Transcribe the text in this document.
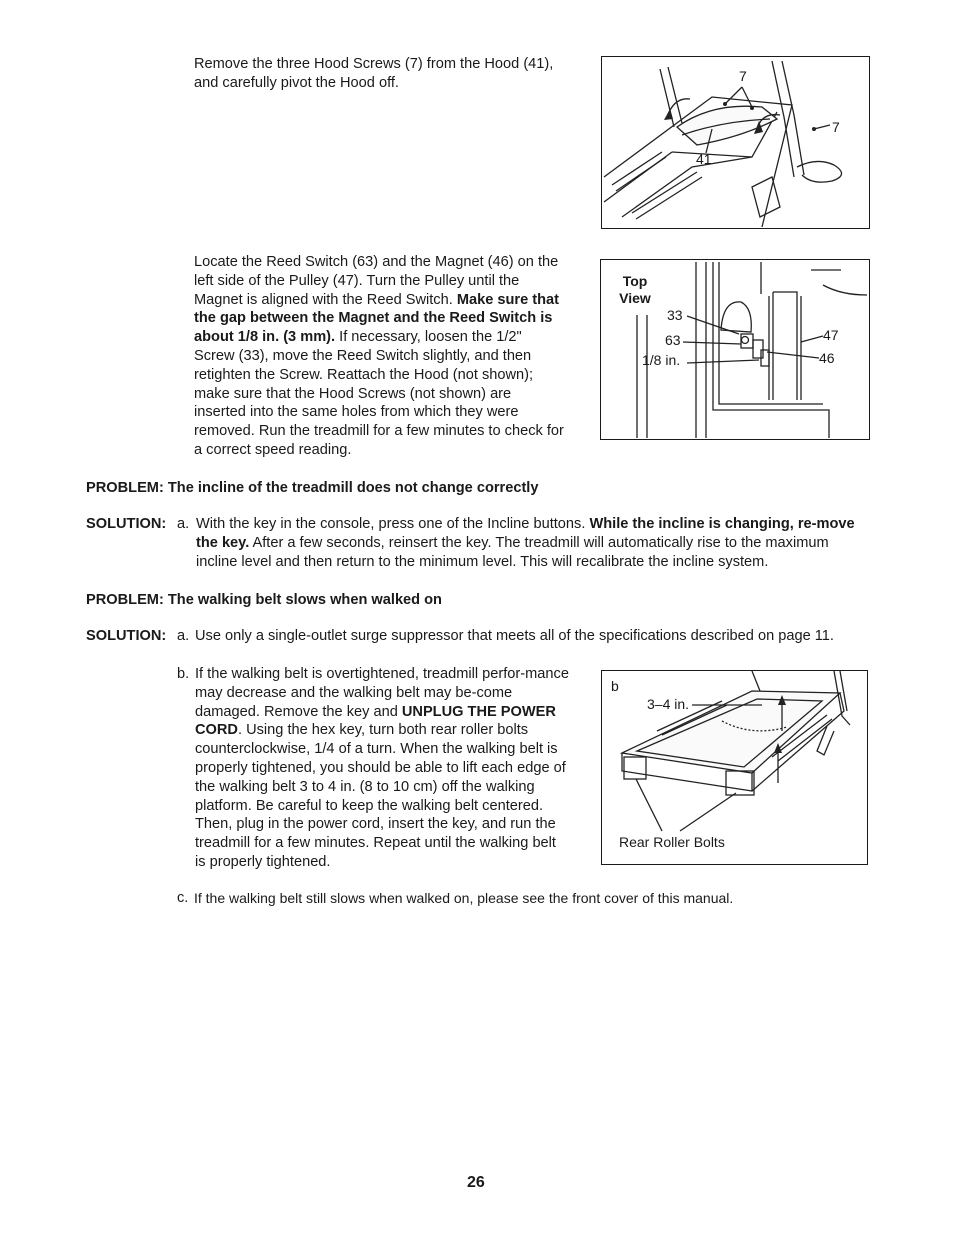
Remove the three Hood Screws (7) from the Hood (41), and carefully pivot the Hood off.	7
7
41
Locate the Reed Switch (63) and the Magnet (46) on the left side of the Pulley (47). Turn the Pulley until the Magnet is aligned with the Reed Switch. Make sure that the gap between the Magnet and the Reed Switch is about 1/8 in. (3 mm). If necessary, loosen the 1/2" Screw (33), move the Reed Switch slightly, and then retighten the Screw. Reattach the Hood (not shown); make sure that the Hood Screws (not shown) are inserted into the same holes from which they were removed. Run the treadmill for a few minutes to check for a correct speed reading.
Top
View
33
63
1/8 in.
47
46
PROBLEM: The incline of the treadmill does not change correctly
SOLUTION: a. With the key in the console, press one of the Incline buttons. While the incline is changing, re-move the key. After a few seconds, reinsert the key. The treadmill will automatically rise to the maximum incline level and then return to the minimum level. This will recalibrate the incline system.
PROBLEM: The walking belt slows when walked on
SOLUTION: a. Use only a single-outlet surge suppressor that meets all of the specifications described on page 11.
b. If the walking belt is overtightened, treadmill perfor-mance may decrease and the walking belt may be-come damaged. Remove the key and UNPLUG THE POWER CORD. Using the hex key, turn both rear roller bolts counterclockwise, 1/4 of a turn. When the walking belt is properly tightened, you should be able to lift each edge of the walking belt 3 to 4 in. (8 to 10 cm) off the walking platform. Be careful to keep the walking belt centered. Then, plug in the power cord, insert the key, and run the treadmill for a few minutes. Repeat until the walking belt is properly tightened.
b
3–4 in.
Rear Roller Bolts
c. If the walking belt still slows when walked on, please see the front cover of this manual.
26
